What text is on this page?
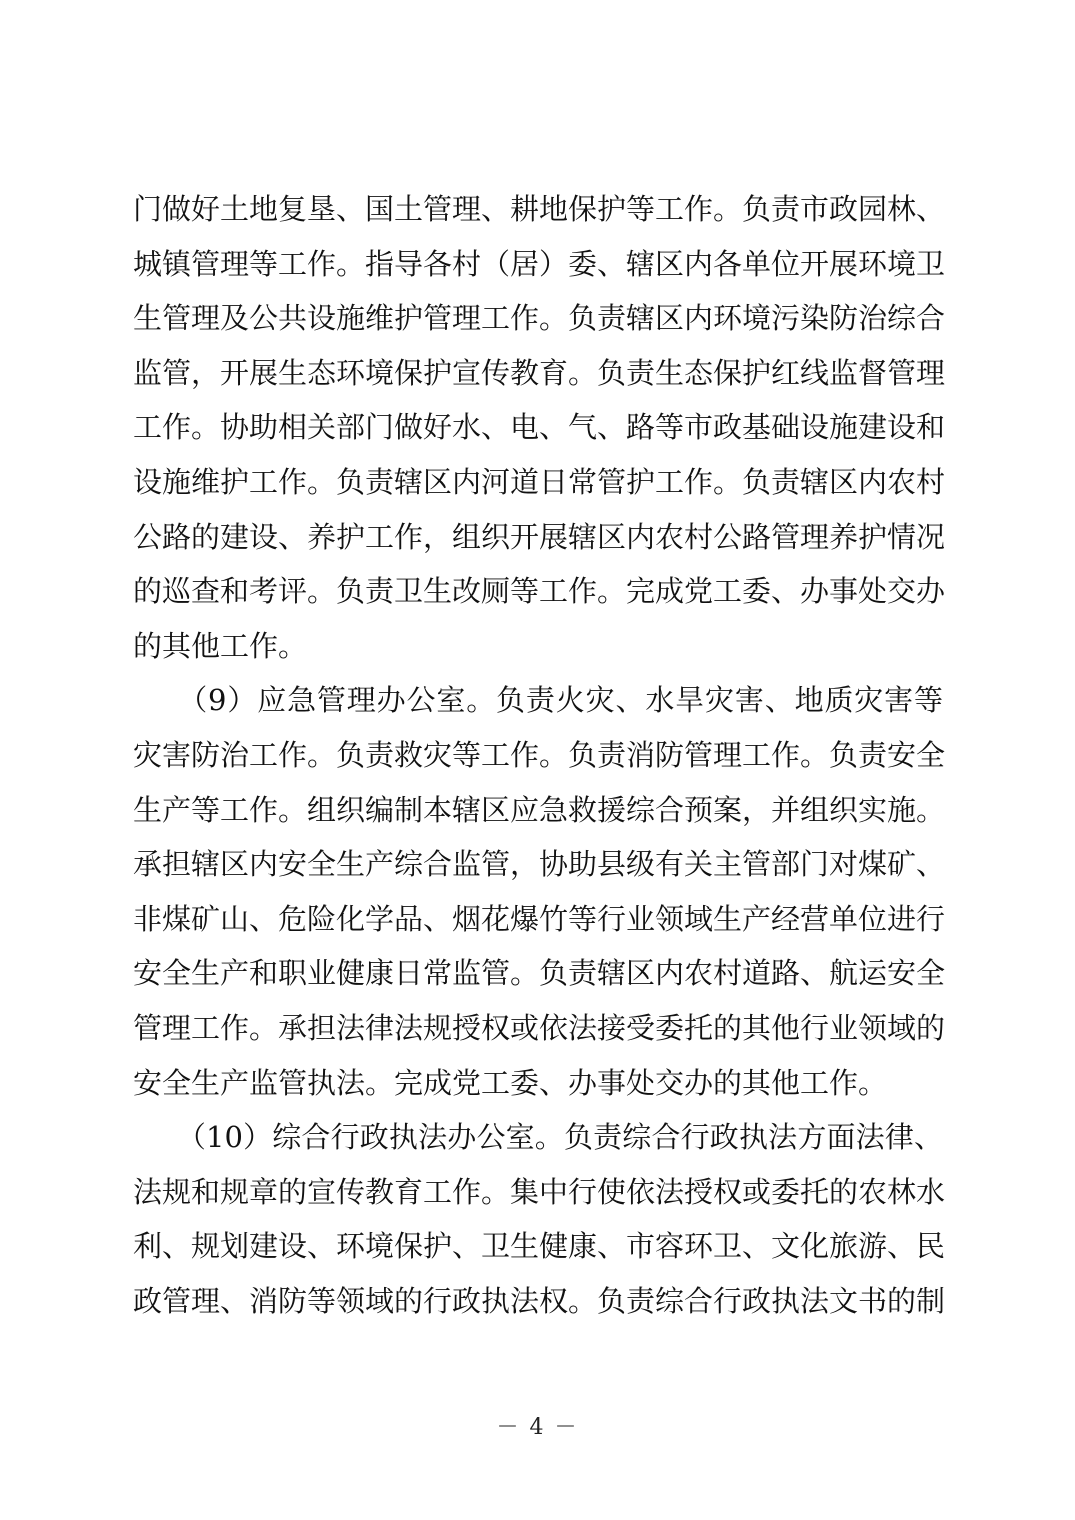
门做好土地复垦、国土管理、耕地保护等工作。负责市政园林、
城镇管理等工作。指导各村（居）委、辖区内各单位开展环境卫
生管理及公共设施维护管理工作。负责辖区内环境污染防治综合
监管，开展生态环境保护宣传教育。负责生态保护红线监督管理
工作。协助相关部门做好水、电、气、路等市政基础设施建设和
设施维护工作。负责辖区内河道日常管护工作。负责辖区内农村
公路的建设、养护工作，组织开展辖区内农村公路管理养护情况
的巡查和考评。负责卫生改厕等工作。完成党工委、办事处交办
的其他工作。
　　（9）应急管理办公室。负责火灾、水旱灾害、地质灾害等
灾害防治工作。负责救灾等工作。负责消防管理工作。负责安全
生产等工作。组织编制本辖区应急救援综合预案，并组织实施。
承担辖区内安全生产综合监管，协助县级有关主管部门对煤矿、
非煤矿山、危险化学品、烟花爆竹等行业领域生产经营单位进行
安全生产和职业健康日常监管。负责辖区内农村道路、航运安全
管理工作。承担法律法规授权或依法接受委托的其他行业领域的
安全生产监管执法。完成党工委、办事处交办的其他工作。
　　（10）综合行政执法办公室。负责综合行政执法方面法律、
法规和规章的宣传教育工作。集中行使依法授权或委托的农林水
利、规划建设、环境保护、卫生健康、市容环卫、文化旅游、民
政管理、消防等领域的行政执法权。负责综合行政执法文书的制
－ 4 －
